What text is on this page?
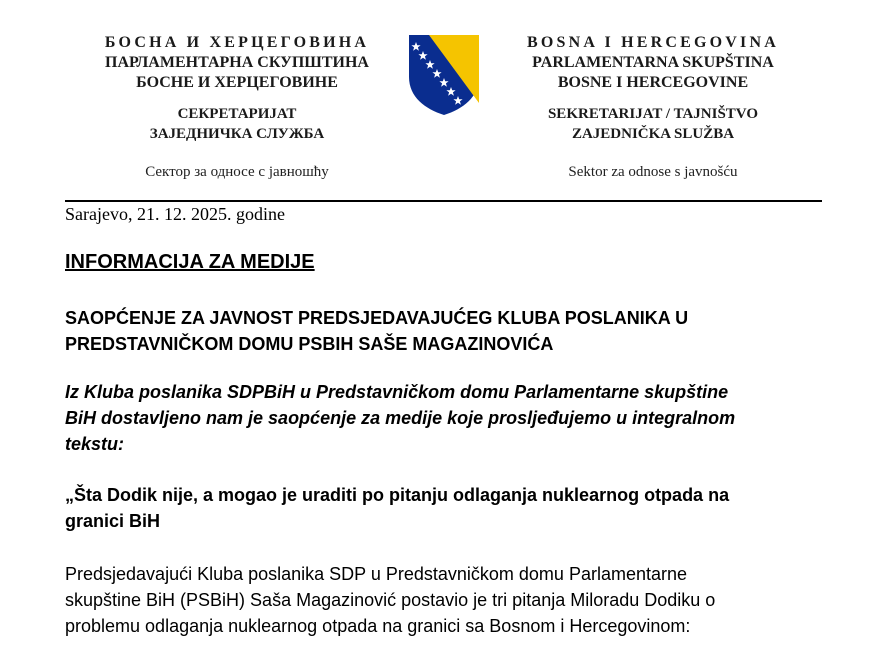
БОСНА И ХЕРЦЕГОВИНА
ПАРЛАМЕНТАРНА СКУПШТИНА
БОСНЕ И ХЕРЦЕГОВИНЕ
СЕКРЕТАРИЈАТ
ЗАЈЕДНИЧКА СЛУЖБА
Сектор за односе с јавношћу
BOSNA I HERCEGOVINA
PARLAMENTARNA SKUPŠTINA
BOSNE I HERCEGOVINE
SEKRETARIJAT / TAJNIŠTVO
ZAJEDNIČKA SLUŽBA
Sektor za odnose s javnošću
Sarajevo, 21. 12. 2025. godine
INFORMACIJA ZA MEDIJE
SAOPĆENJE ZA JAVNOST PREDSJEDAVAJUĆEG KLUBA POSLANIKA U
PREDSTAVNIČKOM DOMU PSBIH SAŠE MAGAZINOVIĆA
Iz Kluba poslanika SDPBiH u Predstavničkom domu Parlamentarne skupštine
BiH dostavljeno nam je saopćenje za medije koje prosljeđujemo u integralnom
tekstu:
„Šta Dodik nije, a mogao je uraditi po pitanju odlaganja nuklearnog otpada na
granici BiH
Predsjedavajući Kluba poslanika SDP u Predstavničkom domu Parlamentarne
skupštine BiH (PSBiH) Saša Magazinović postavio je tri pitanja Miloradu Dodiku o
problemu odlaganja nuklearnog otpada na granici sa Bosnom i Hercegovinom:
